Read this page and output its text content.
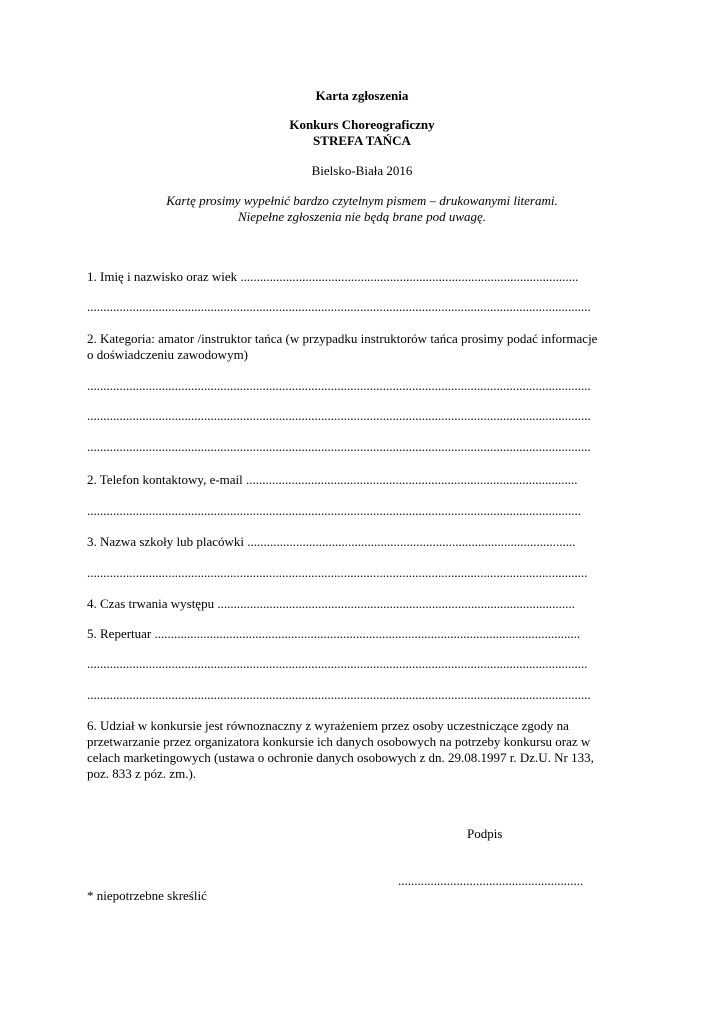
Karta zgłoszenia
Konkurs Choreograficzny
STREFA TAŃCA
Bielsko-Biała 2016
Kartę prosimy wypełnić bardzo czytelnym pismem – drukowanymi literami.
Niepełne zgłoszenia nie będą brane pod uwagę.
1. Imię i nazwisko oraz wiek ........................................................................................................
...........................................................................................................................................................
2. Kategoria: amator /instruktor tańca (w przypadku instruktorów tańca prosimy podać informacje
o doświadczeniu zawodowym)
...........................................................................................................................................................
...........................................................................................................................................................
...........................................................................................................................................................
2. Telefon kontaktowy, e-mail ......................................................................................................
........................................................................................................................................................
3. Nazwa szkoły lub placówki .....................................................................................................
..........................................................................................................................................................
4. Czas trwania występu ..............................................................................................................
5. Repertuar ...................................................................................................................................
..........................................................................................................................................................
...........................................................................................................................................................
6. Udział w konkursie jest równoznaczny z wyrażeniem przez osoby uczestniczące zgody na
przetwarzanie przez organizatora konkursie ich danych osobowych na potrzeby konkursu oraz w
celach marketingowych (ustawa o ochronie danych osobowych z dn. 29.08.1997 r. Dz.U. Nr 133,
poz. 833 z póz. zm.).
Podpis
.........................................................
* niepotrzebne skreślić
